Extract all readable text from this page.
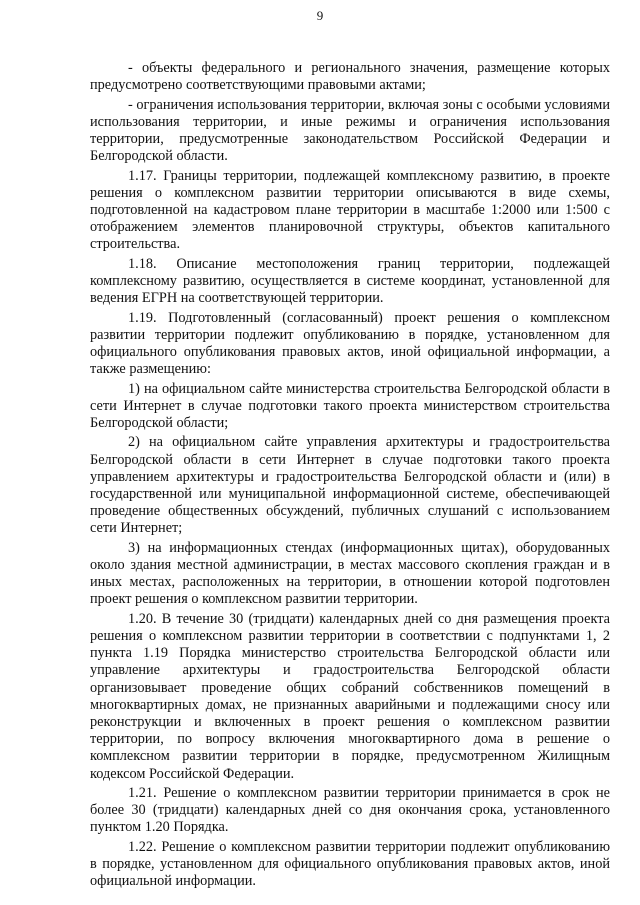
9

- объекты федерального и регионального значения, размещение которых предусмотрено соответствующими правовыми актами;

- ограничения использования территории, включая зоны с особыми условиями использования территории, и иные режимы и ограничения использования территории, предусмотренные законодательством Российской Федерации и Белгородской области.

1.17. Границы территории, подлежащей комплексному развитию, в проекте решения о комплексном развитии территории описываются в виде схемы, подготовленной на кадастровом плане территории в масштабе 1:2000 или 1:500 с отображением элементов планировочной структуры, объектов капитального строительства.

1.18. Описание местоположения границ территории, подлежащей комплексному развитию, осуществляется в системе координат, установленной для ведения ЕГРН на соответствующей территории.

1.19. Подготовленный (согласованный) проект решения о комплексном развитии территории подлежит опубликованию в порядке, установленном для официального опубликования правовых актов, иной официальной информации, а также размещению:

1) на официальном сайте министерства строительства Белгородской области в сети Интернет в случае подготовки такого проекта министерством строительства Белгородской области;

2) на официальном сайте управления архитектуры и градостроительства Белгородской области в сети Интернет в случае подготовки такого проекта управлением архитектуры и градостроительства Белгородской области и (или) в государственной или муниципальной информационной системе, обеспечивающей проведение общественных обсуждений, публичных слушаний с использованием сети Интернет;

3) на информационных стендах (информационных щитах), оборудованных около здания местной администрации, в местах массового скопления граждан и в иных местах, расположенных на территории, в отношении которой подготовлен проект решения о комплексном развитии территории.

1.20. В течение 30 (тридцати) календарных дней со дня размещения проекта решения о комплексном развитии территории в соответствии с подпунктами 1, 2 пункта 1.19 Порядка министерство строительства Белгородской области или управление архитектуры и градостроительства Белгородской области организовывает проведение общих собраний собственников помещений в многоквартирных домах, не признанных аварийными и подлежащими сносу или реконструкции и включенных в проект решения о комплексном развитии территории, по вопросу включения многоквартирного дома в решение о комплексном развитии территории в порядке, предусмотренном Жилищным кодексом Российской Федерации.

1.21. Решение о комплексном развитии территории принимается в срок не более 30 (тридцати) календарных дней со дня окончания срока, установленного пунктом 1.20 Порядка.

1.22. Решение о комплексном развитии территории подлежит опубликованию в порядке, установленном для официального опубликования правовых актов, иной официальной информации.
